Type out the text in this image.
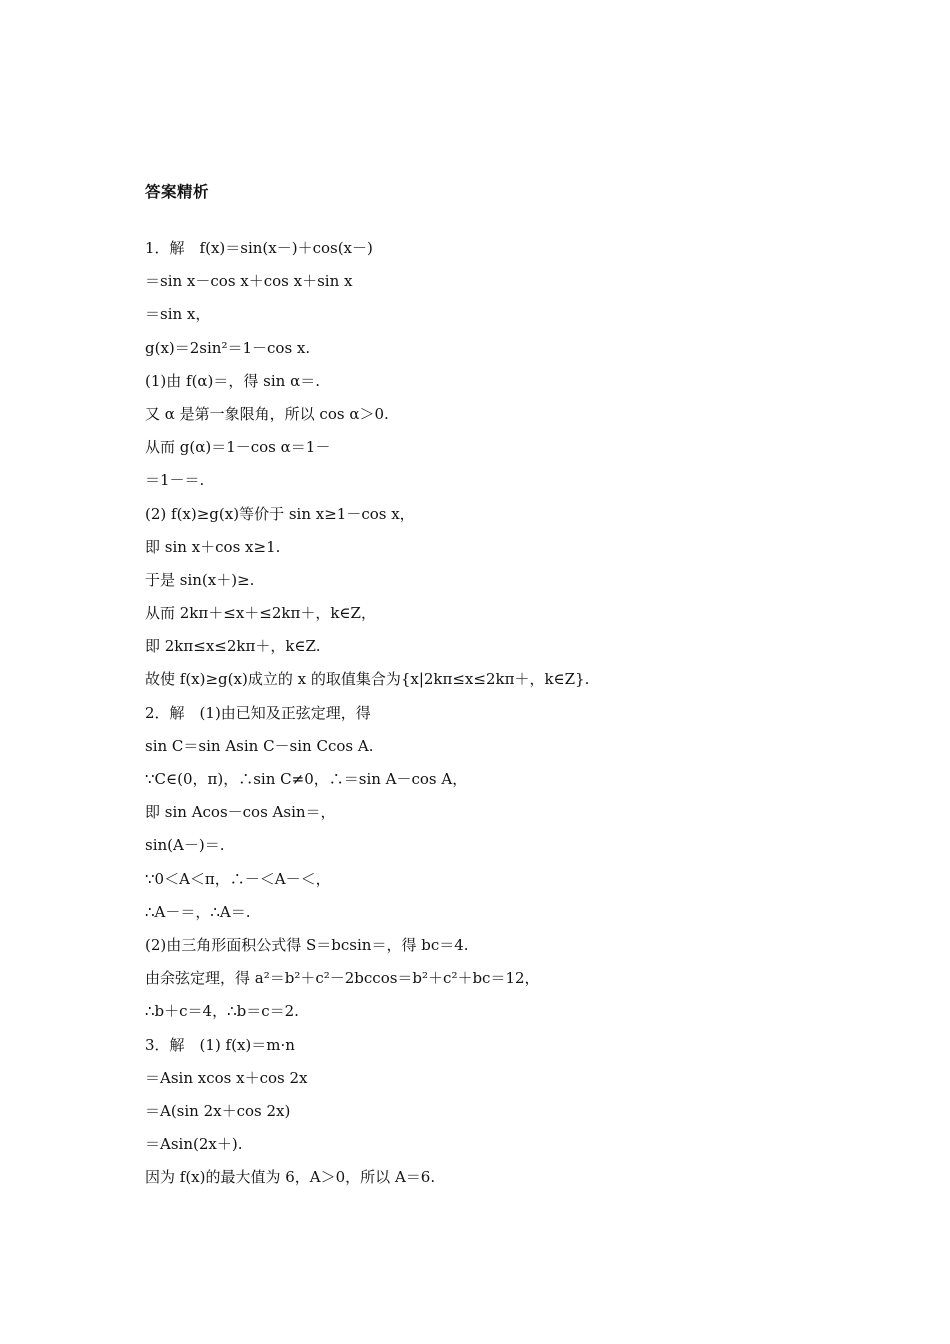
答案精析
1．解　f(x)＝sin(x－)＋cos(x－)
＝sin x－cos x＋cos x＋sin x
＝sin x，
g(x)＝2sin²＝1－cos x.
(1)由 f(α)＝，得 sin α＝.
又 α 是第一象限角，所以 cos α＞0.
从而 g(α)＝1－cos α＝1－
＝1－＝.
(2) f(x)≥g(x)等价于 sin x≥1－cos x，
即 sin x＋cos x≥1.
于是 sin(x＋)≥.
从而 2kπ＋≤x＋≤2kπ＋，k∈Z，
即 2kπ≤x≤2kπ＋，k∈Z.
故使 f(x)≥g(x)成立的 x 的取值集合为{x|2kπ≤x≤2kπ＋，k∈Z}.
2．解　(1)由已知及正弦定理，得
sin C＝sin Asin C－sin Ccos A.
∵C∈(0，π)，∴sin C≠0，∴＝sin A－cos A，
即 sin Acos－cos Asin＝，
sin(A－)＝.
∵0＜A＜π，∴－＜A－＜，
∴A－＝，∴A＝.
(2)由三角形面积公式得 S＝bcsin＝，得 bc＝4.
由余弦定理，得 a²＝b²＋c²－2bccos＝b²＋c²＋bc＝12，
∴b＋c＝4，∴b＝c＝2.
3．解　(1) f(x)＝m·n
＝Asin xcos x＋cos 2x
＝A(sin 2x＋cos 2x)
＝Asin(2x＋).
因为 f(x)的最大值为 6，A＞0，所以 A＝6.
